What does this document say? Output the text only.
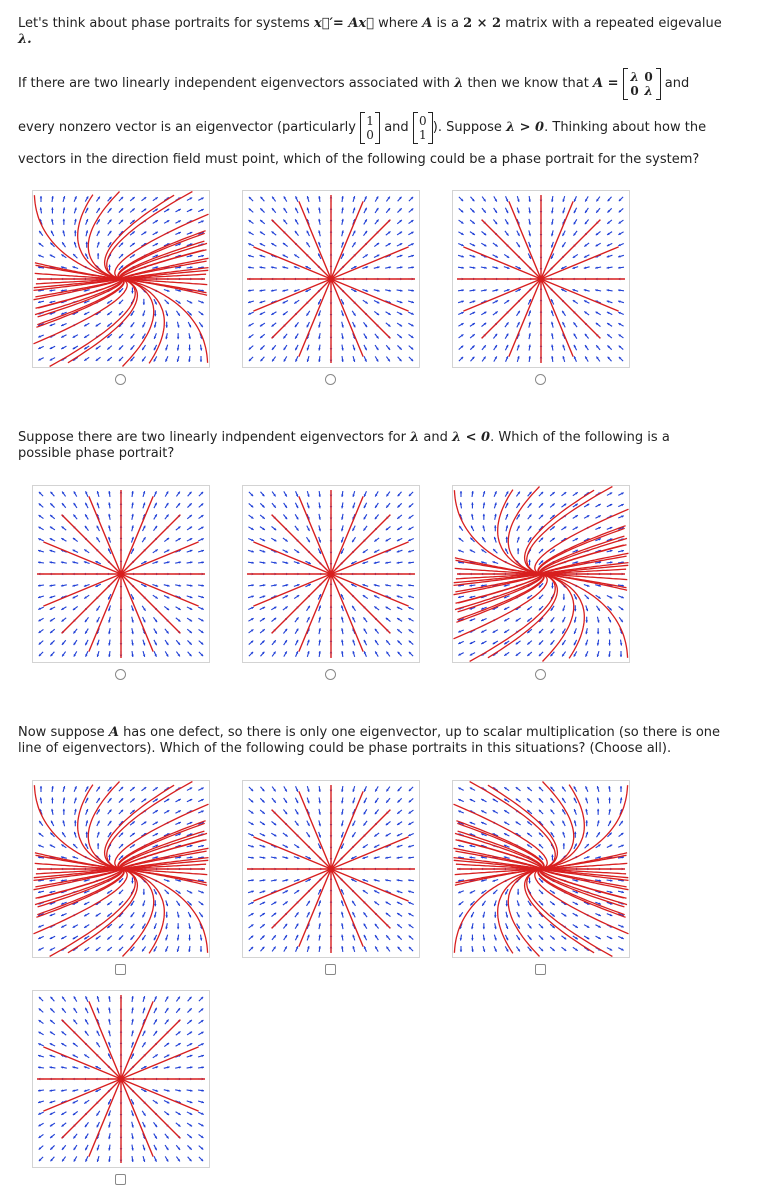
Let's think about phase portraits for systems x⃗′= Ax⃗ where A is a 2 × 2 matrix with a repeated eigevalue
λ.
If there are two linearly independent eigenvectors associated with
λ
then we know that
A =
λ 0
0 λ
and
every nonzero vector is an eigenvector (particularly
1
0
and
0
1 ). Suppose
λ > 0 . Thinking about how the
vectors in the direction field must point, which of the following could be a phase portrait for the system?
Suppose there are two linearly indpendent eigenvectors for λ and λ < 0. Which of the following is a
possible phase portrait?
Now suppose A has one defect, so there is only one eigenvector, up to scalar multiplication (so there is one
line of eigenvectors). Which of the following could be phase portraits in this situations? (Choose all).
